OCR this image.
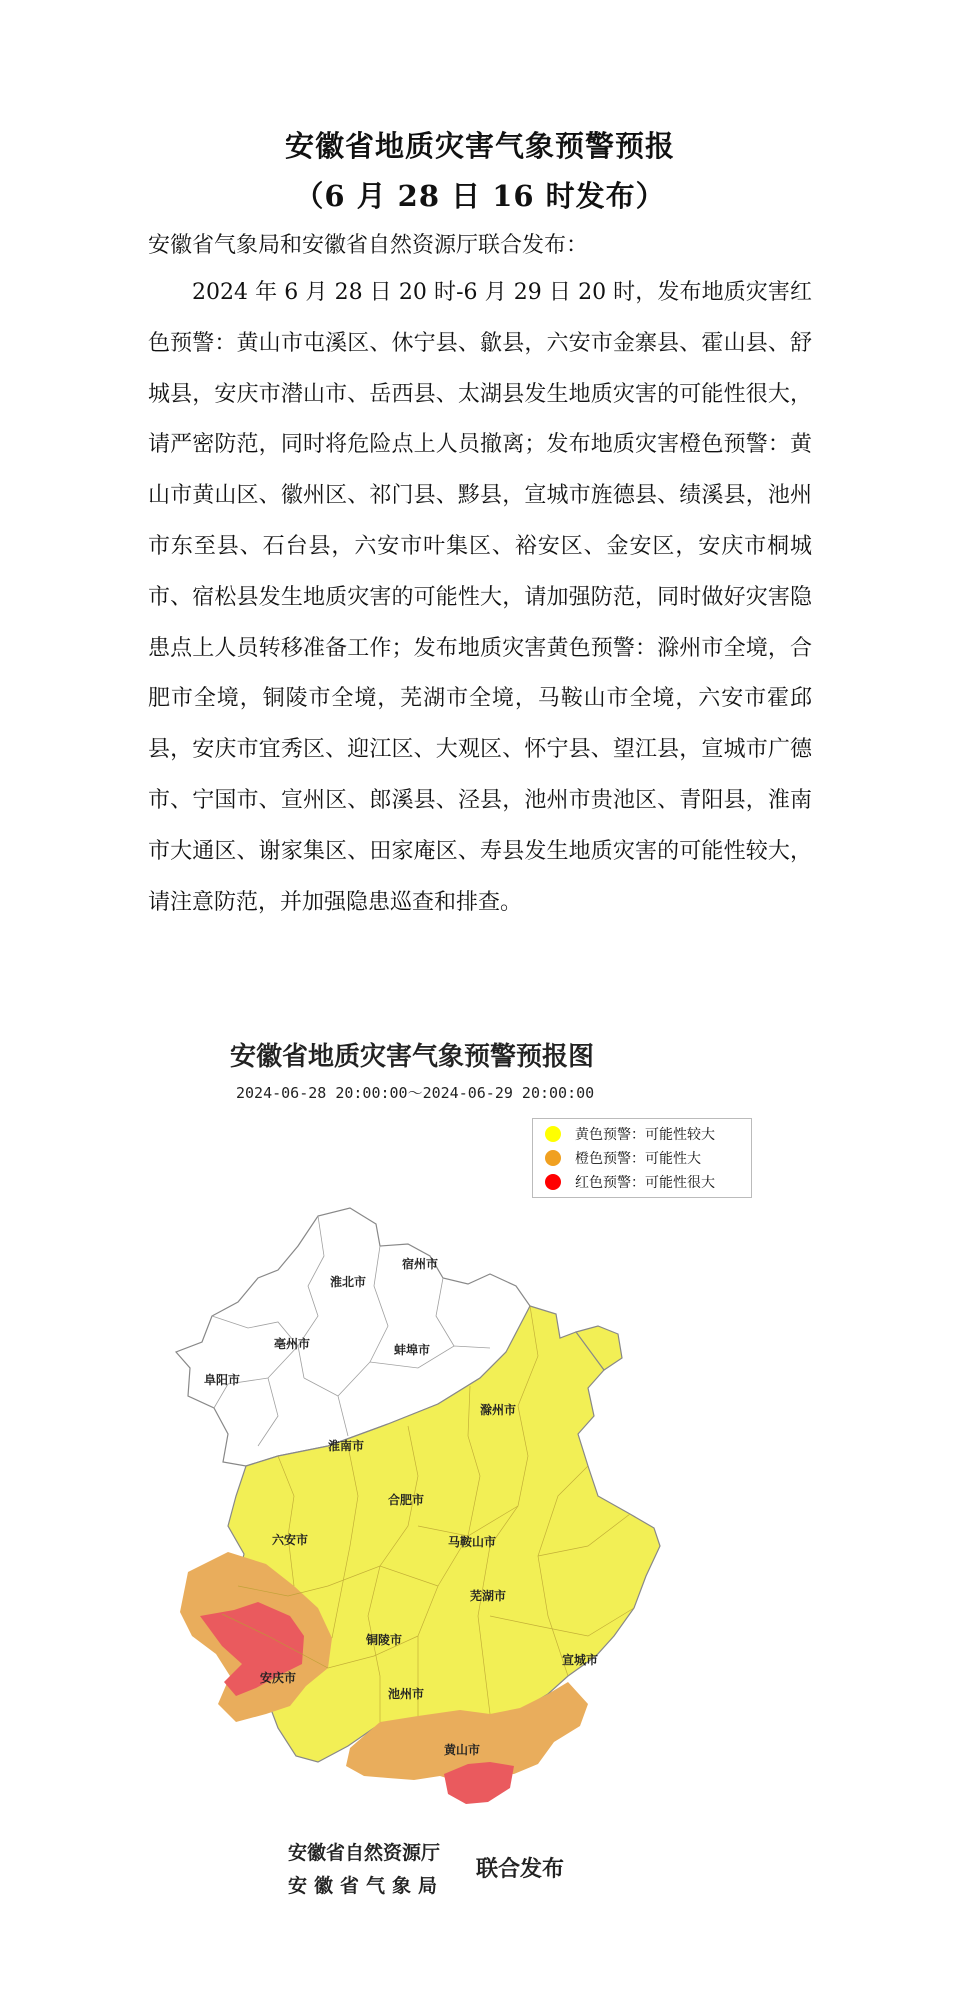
安徽省地质灾害气象预警预报
（6 月 28 日 16 时发布）
安徽省气象局和安徽省自然资源厅联合发布：

2024 年 6 月 28 日 20 时-6 月 29 日 20 时，发布地质灾害红色预警：黄山市屯溪区、休宁县、歙县，六安市金寨县、霍山县、舒城县，安庆市潜山市、岳西县、太湖县发生地质灾害的可能性很大，请严密防范，同时将危险点上人员撤离；发布地质灾害橙色预警：黄山市黄山区、徽州区、祁门县、黟县，宣城市旌德县、绩溪县，池州市东至县、石台县，六安市叶集区、裕安区、金安区，安庆市桐城市、宿松县发生地质灾害的可能性大，请加强防范，同时做好灾害隐患点上人员转移准备工作；发布地质灾害黄色预警：滁州市全境，合肥市全境，铜陵市全境，芜湖市全境，马鞍山市全境，六安市霍邱县，安庆市宜秀区、迎江区、大观区、怀宁县、望江县，宣城市广德市、宁国市、宣州区、郎溪县、泾县，池州市贵池区、青阳县，淮南市大通区、谢家集区、田家庵区、寿县发生地质灾害的可能性较大，请注意防范，并加强隐患巡查和排查。

安徽省地质灾害气象预警预报图
2024-06-28 20:00:00～2024-06-29 20:00:00
宿州市
淮北市
亳州市
阜阳市
蚌埠市
淮南市
滁州市
合肥市
六安市	马鞍山市
芜湖市
铜陵市
安庆市
池州市
宣城市
黄山市
黄色预警：可能性较大
橙色预警：可能性大
红色预警：可能性很大
安徽省自然资源厅
安徽省气象局
联合发布
